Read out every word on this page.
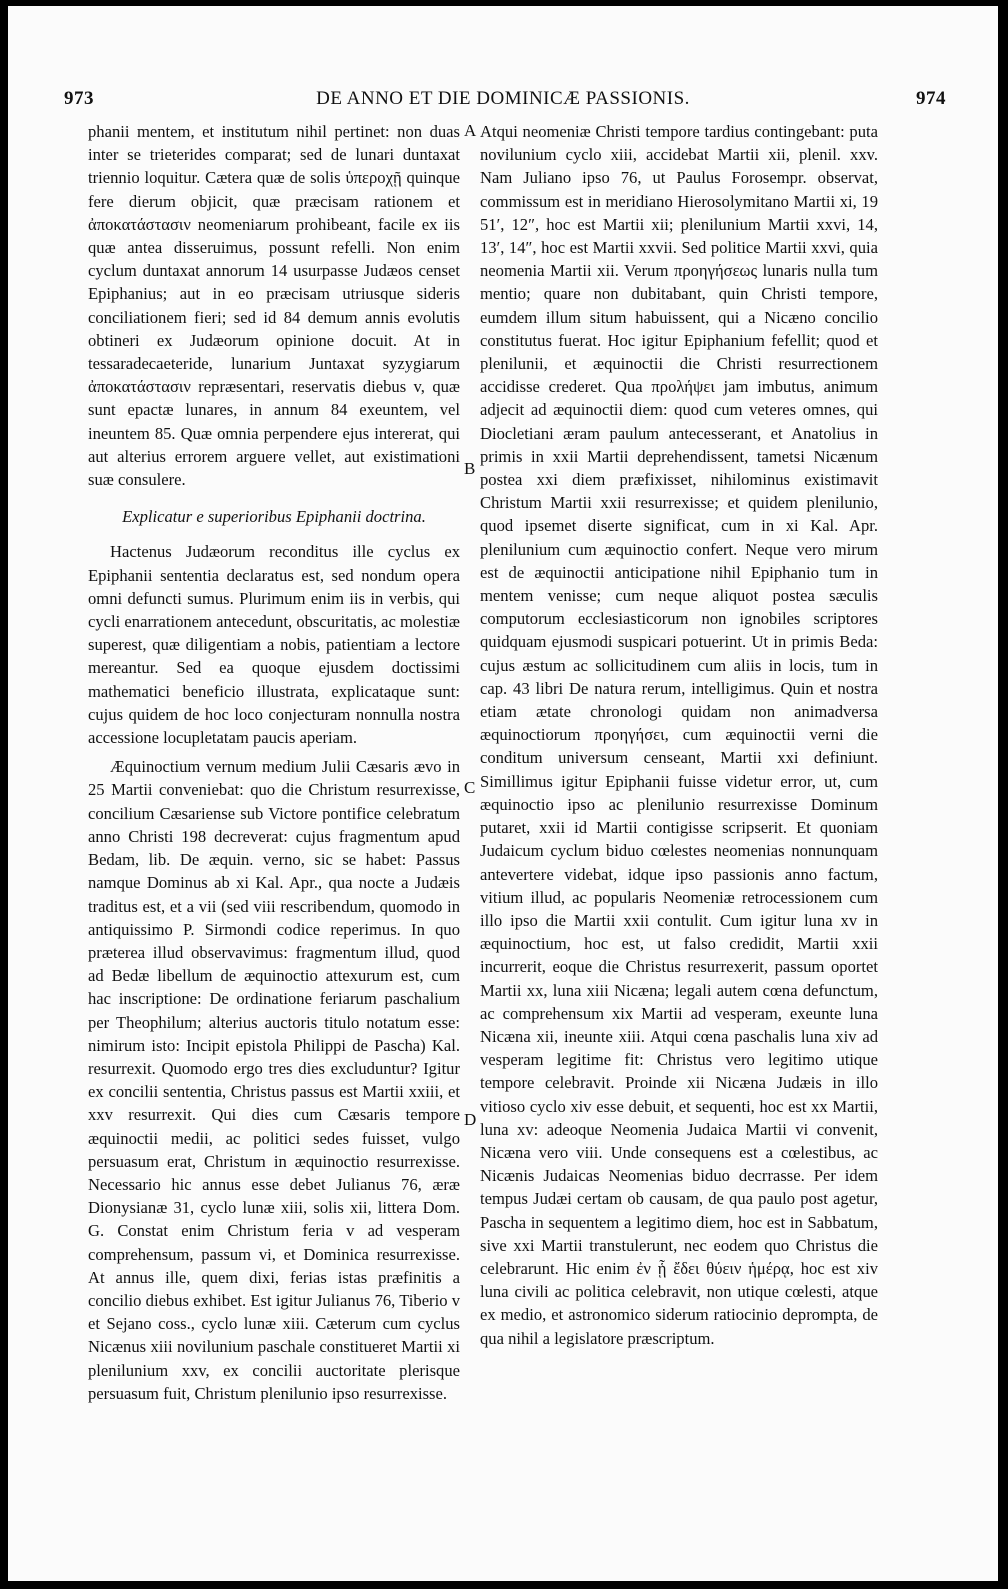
973	DE ANNO ET DIE DOMINICÆ PASSIONIS.	974
A
B
C
D

phanii mentem, et institutum nihil pertinet: non duas inter se trieterides comparat; sed de lunari duntaxat triennio loquitur. Cætera quæ de solis ὑπεροχῇ quinque fere dierum objicit, quæ præcisam rationem et ἀποκατάστασιν neomeniarum prohibeant, facile ex iis quæ antea disseruimus, possunt refelli. Non enim cyclum duntaxat annorum 14 usurpasse Judæos censet Epiphanius; aut in eo præcisam utriusque sideris conciliationem fieri; sed id 84 demum annis evolutis obtineri ex Judæorum opinione docuit. At in tessaradecaeteride, lunarium Juntaxat syzygiarum ἀποκατάστασιν repræsentari, reservatis diebus v, quæ sunt epactæ lunares, in annum 84 exeuntem, vel ineuntem 85. Quæ omnia perpendere ejus intererat, qui aut alterius errorem arguere vellet, aut existimationi suæ consulere.

Explicatur e superioribus Epiphanii doctrina.

Hactenus Judæorum reconditus ille cyclus ex Epiphanii sententia declaratus est, sed nondum opera omni defuncti sumus. Plurimum enim iis in verbis, qui cycli enarrationem antecedunt, obscuritatis, ac molestiæ superest, quæ diligentiam a nobis, patientiam a lectore mereantur. Sed ea quoque ejusdem doctissimi mathematici beneficio illustrata, explicataque sunt: cujus quidem de hoc loco conjecturam nonnulla nostra accessione locupletatam paucis aperiam.

Æquinoctium vernum medium Julii Cæsaris ævo in 25 Martii conveniebat: quo die Christum resurrexisse, concilium Cæsariense sub Victore pontifice celebratum anno Christi 198 decreverat: cujus fragmentum apud Bedam, lib. De æquin. verno, sic se habet: Passus namque Dominus ab xi Kal. Apr., qua nocte a Judæis traditus est, et a vii (sed viii rescribendum, quomodo in antiquissimo P. Sirmondi codice reperimus. In quo præterea illud observavimus: fragmentum illud, quod ad Bedæ libellum de æquinoctio attexurum est, cum hac inscriptione: De ordinatione feriarum paschalium per Theophilum; alterius auctoris titulo notatum esse: nimirum isto: Incipit epistola Philippi de Pascha) Kal. resurrexit. Quomodo ergo tres dies excluduntur? Igitur ex concilii sententia, Christus passus est Martii xxiii, et xxv resurrexit. Qui dies cum Cæsaris tempore æquinoctii medii, ac politici sedes fuisset, vulgo persuasum erat, Christum in æquinoctio resurrexisse. Necessario hic annus esse debet Julianus 76, æræ Dionysianæ 31, cyclo lunæ xiii, solis xii, littera Dom. G. Constat enim Christum feria v ad vesperam comprehensum, passum vi, et Dominica resurrexisse. At annus ille, quem dixi, ferias istas præfinitis a concilio diebus exhibet. Est igitur Julianus 76, Tiberio v et Sejano coss., cyclo lunæ xiii. Cæterum cum cyclus Nicænus xiii novilunium paschale constitueret Martii xi plenilunium xxv, ex concilii auctoritate plerisque persuasum fuit, Christum plenilunio ipso resurrexisse.

Atqui neomeniæ Christi tempore tardius contingebant: puta novilunium cyclo xiii, accidebat Martii xii, plenil. xxv. Nam Juliano ipso 76, ut Paulus Forosempr. observat, commissum est in meridiano Hierosolymitano Martii xi, 19 51′, 12″, hoc est Martii xii; plenilunium Martii xxvi, 14, 13′, 14″, hoc est Martii xxvii. Sed politice Martii xxvi, quia neomenia Martii xii. Verum προηγήσεως lunaris nulla tum mentio; quare non dubitabant, quin Christi tempore, eumdem illum situm habuissent, qui a Nicæno concilio constitutus fuerat. Hoc igitur Epiphanium fefellit; quod et plenilunii, et æquinoctii die Christi resurrectionem accidisse crederet. Qua προλήψει jam imbutus, animum adjecit ad æquinoctii diem: quod cum veteres omnes, qui Diocletiani æram paulum antecesserant, et Anatolius in primis in xxii Martii deprehendissent, tametsi Nicænum postea xxi diem præfixisset, nihilominus existimavit Christum Martii xxii resurrexisse; et quidem plenilunio, quod ipsemet diserte significat, cum in xi Kal. Apr. plenilunium cum æquinoctio confert. Neque vero mirum est de æquinoctii anticipatione nihil Epiphanio tum in mentem venisse; cum neque aliquot postea sæculis computorum ecclesiasticorum non ignobiles scriptores quidquam ejusmodi suspicari potuerint. Ut in primis Beda: cujus æstum ac sollicitudinem cum aliis in locis, tum in cap. 43 libri De natura rerum, intelligimus. Quin et nostra etiam ætate chronologi quidam non animadversa æquinoctiorum προηγήσει, cum æquinoctii verni die conditum universum censeant, Martii xxi definiunt. Simillimus igitur Epiphanii fuisse videtur error, ut, cum æquinoctio ipso ac plenilunio resurrexisse Dominum putaret, xxii id Martii contigisse scripserit. Et quoniam Judaicum cyclum biduo cœlestes neomenias nonnunquam antevertere videbat, idque ipso passionis anno factum, vitium illud, ac popularis Neomeniæ retrocessionem cum illo ipso die Martii xxii contulit. Cum igitur luna xv in æquinoctium, hoc est, ut falso credidit, Martii xxii incurrerit, eoque die Christus resurrexerit, passum oportet Martii xx, luna xiii Nicæna; legali autem cœna defunctum, ac comprehensum xix Martii ad vesperam, exeunte luna Nicæna xii, ineunte xiii. Atqui cœna paschalis luna xiv ad vesperam legitime fit: Christus vero legitimo utique tempore celebravit. Proinde xii Nicæna Judæis in illo vitioso cyclo xiv esse debuit, et sequenti, hoc est xx Martii, luna xv: adeoque Neomenia Judaica Martii vi convenit, Nicæna vero viii. Unde consequens est a cœlestibus, ac Nicænis Judaicas Neomenias biduo decrrasse. Per idem tempus Judæi certam ob causam, de qua paulo post agetur, Pascha in sequentem a legitimo diem, hoc est in Sabbatum, sive xxi Martii transtulerunt, nec eodem quo Christus die celebrarunt. Hic enim ἐν ᾗ ἔδει θύειν ἡμέρᾳ, hoc est xiv luna civili ac politica celebravit, non utique cœlesti, atque ex medio, et astronomico siderum ratiocinio deprompta, de qua nihil a legislatore præscriptum.
